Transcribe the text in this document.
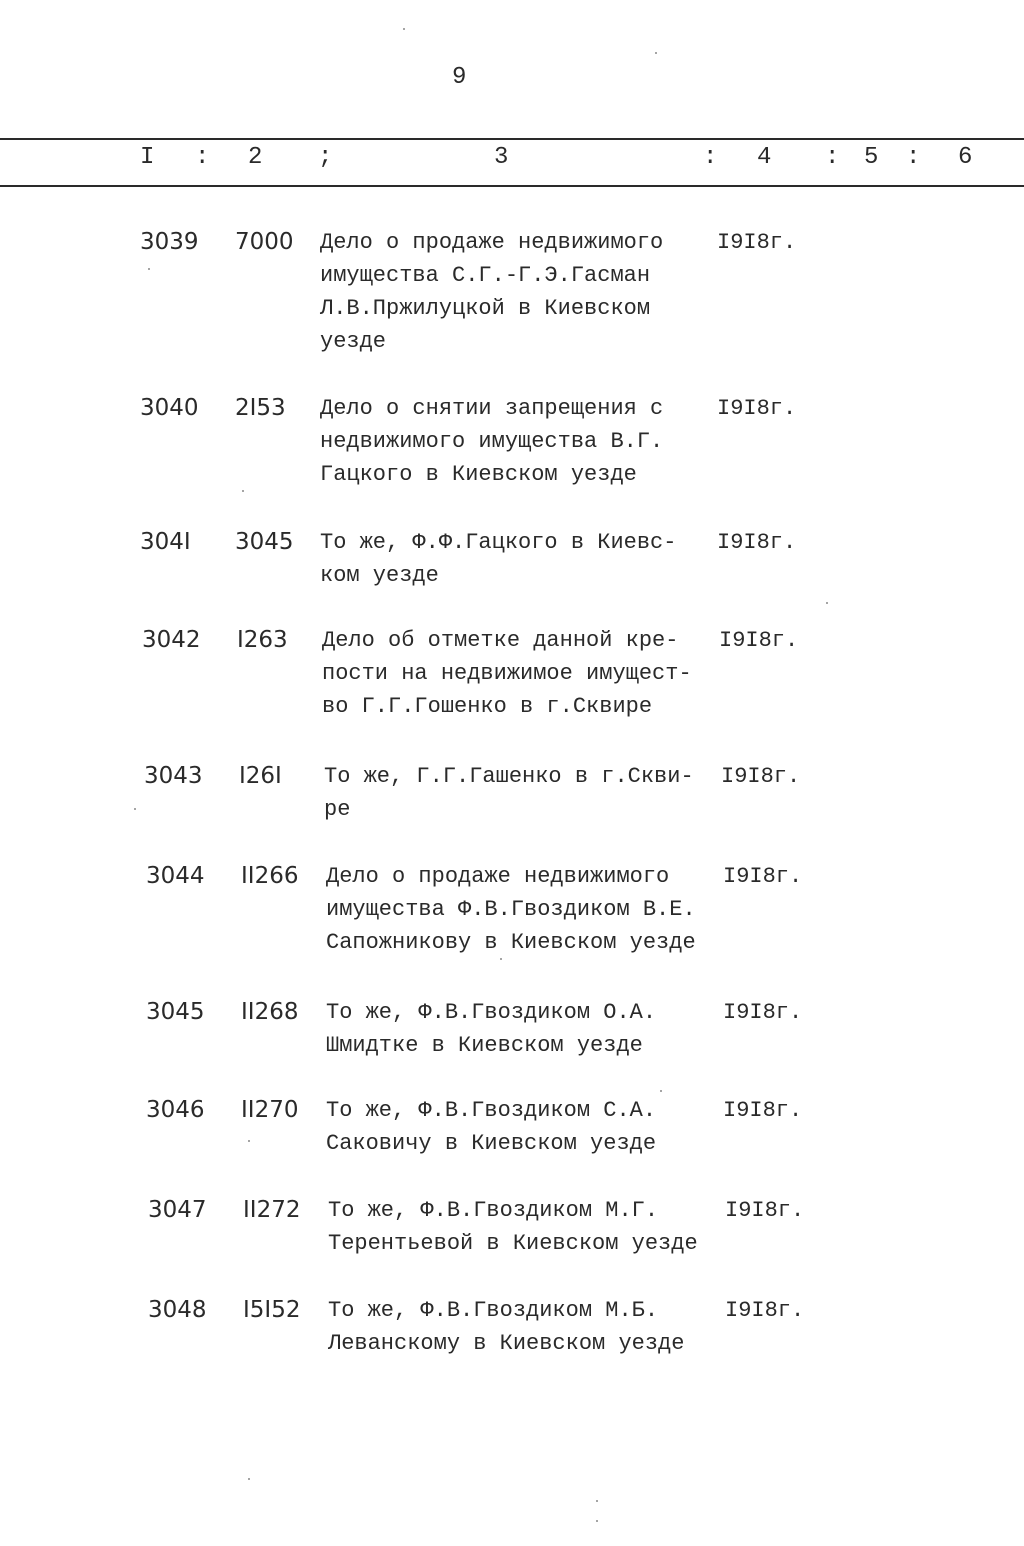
9
I : 2 ;	3	: 4 : 5 : 6
3039 7000 Дело о продаже недвижимого
имущества С.Г.-Г.Э.Гасман
Л.В.Пржилуцкой в Киевском
уезде
I9I8г.
3040 2I53 Дело о снятии запрещения с
недвижимого имущества В.Г.
Гацкого в Киевском уезде
I9I8г.
304I 3045 То же, Ф.Ф.Гацкого в Киевс-
ком уезде
I9I8г.
3042 I263 Дело об отметке данной кре-
пости на недвижимое имущест-
во Г.Г.Гошенко в г.Сквире
I9I8г.
3043 I26I То же, Г.Г.Гашенко в г.Скви-
ре
I9I8г.
3044 II266 Дело о продаже недвижимого
имущества Ф.В.Гвоздиком В.Е.
Сапожникову в Киевском уезде
I9I8г.
3045 II268 То же, Ф.В.Гвоздиком О.А.
Шмидтке в Киевском уезде
I9I8г.
3046 II270 То же, Ф.В.Гвоздиком С.А.
Саковичу в Киевском уезде
I9I8г.
3047 II272 То же, Ф.В.Гвоздиком М.Г.
Терентьевой в Киевском уезде
I9I8г.
3048 I5I52 То же, Ф.В.Гвоздиком М.Б.
Леванскому в Киевском уезде
I9I8г.
